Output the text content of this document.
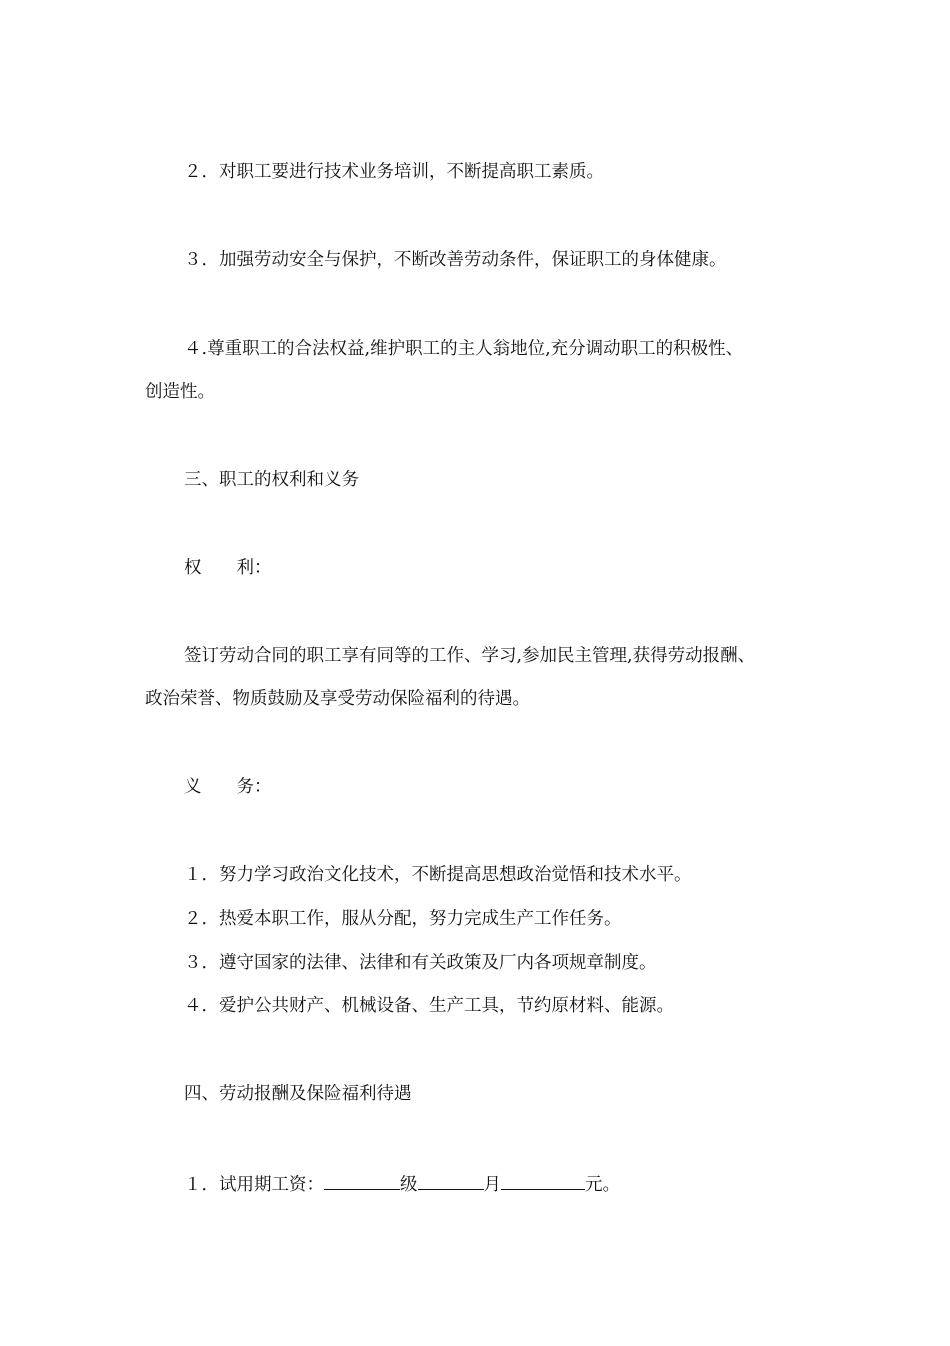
２．对职工要进行技术业务培训，不断提高职工素质。
３．加强劳动安全与保护，不断改善劳动条件，保证职工的身体健康。
４.尊重职工的合法权益,维护职工的主人翁地位,充分调动职工的积极性、
创造性。
三、职工的权利和义务
权　　利：
签订劳动合同的职工享有同等的工作、学习,参加民主管理,获得劳动报酬、
政治荣誉、物质鼓励及享受劳动保险福利的待遇。
义　　务：
１．努力学习政治文化技术，不断提高思想政治觉悟和技术水平。
２．热爱本职工作，服从分配，努力完成生产工作任务。
３．遵守国家的法律、法律和有关政策及厂内各项规章制度。
４．爱护公共财产、机械设备、生产工具，节约原材料、能源。
四、劳动报酬及保险福利待遇
１．试用期工资：	级	月	元。
